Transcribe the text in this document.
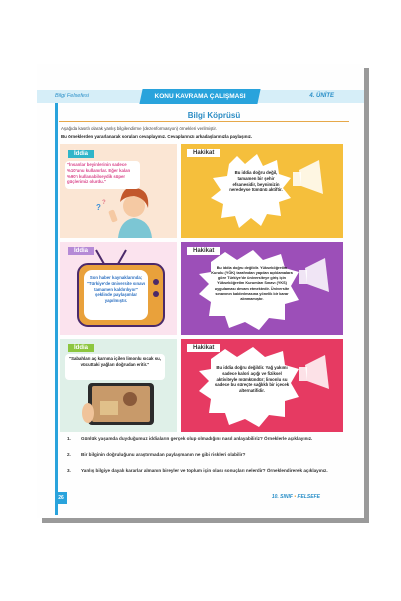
Bilgi Felsefesi	KONU KAVRAMA ÇALIŞMASI	4. ÜNİTE
Bilgi Köprüsü
Aşağıda kasıtlı olarak yanlış bilgilendirme (dezenformasyon) örnekleri verilmiştir.
Bu örneklerden yararlanarak soruları cevaplayınız. Cevaplarınızı arkadaşlarınızla paylaşınız.
? ?
İddia
"İnsanlar beyinlerinin sadece %10'unu kullanırlar. Eğer kalan %90'ı kullanabilseydik süper güçlerimiz olurdu."
Hakikat
Bu iddia doğru değil, tamamen bir şehir efsanesidir, beynimizin neredeyse tümünü aktiftir.
İddia
Son haber kaynaklarında; "Türkiye'de üniversite sınavı tamamen kaldırılıyor" şeklinde paylaşımlar yapılmıştır.
Hakikat
Bu iddia doğru değildir. Yükseköğretim Kurulu (YÖK) tarafından yapılan açıklamalara göre Türkiye'de üniversiteye giriş için Yükseköğretim Kurumları Sınavı (YKS) uygulaması devam etmektedir. Üniversite sınavının kaldırılmasına yönelik bir karar alınmamıştır.
İddia
"Sabahları aç karnına içilen limonlu sıcak su, vücuttaki yağları doğrudan eritir."
Hakikat
Bu iddia doğru değildir. Yağ yakımı sadece kalori açığı ve fiziksel aktiviteyle mümkündür; limonlu su sadece bu süreçte sağlıklı bir içecek alternatifidir.
1. Günlük yaşamda duyduğumuz iddiaların gerçek olup olmadığını nasıl anlayabiliriz? Örneklerle açıklayınız.
2. Bir bilginin doğruluğunu araştırmadan paylaşmanın ne gibi riskleri olabilir?
3. Yanlış bilgiye dayalı kararlar almanın bireyler ve toplum için olası sonuçları nelerdir? Örneklendirerek açıklayınız.
26	10. SINIF • FELSEFE
